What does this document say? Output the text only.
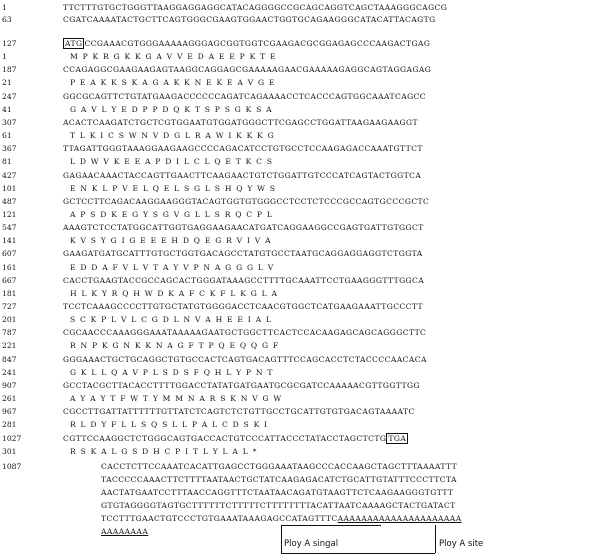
1	TTCTTTGTGCTGGGTTAAGGAGGAGGCATACAGGGGCCGCAGCAGGTCAGCTAAAGGGCAGCG
63	CGATCAAAATACTGCTTCAGTGGGCGAAGTGGAACTGGTGCAGAAGGGCATACATTACAGTG
127	ATG CCGAAACGTGGGAAAAAGGGAGCGGTGGTCGAAGACGCGGAGAGCCCAAGACTGAG
1	M  P  K  R  G  K  K  G  A  V  V  E  D  A  E  E  P  K  T  E
187	CCAGAGGCGAAGAAGAGTAAGGCAGGAGCGAAAAAGAACGAAAAAGAGGCAGTAGGAGAG
21	P  E  A  K  K  S  K  A  G  A  K  K  N  E  K  E  A  V  G  E
247	GGCGCAGTTCTGTATGAAGACCCCCCAGATCAGAAAACCTCACCCAGTGGCAAATCAGCC
41	G  A  V  L  Y  E  D  P  P  D  Q  K  T  S  P  S  G  K  S  A
307	ACACTCAAGATCTGCTCGTGGAATGTGGATGGGCTTCGAGCCTGGATTAAGAAGAAGGT
61	T  L  K  I  C  S  W  N  V  D  G  L  R  A  W  I  K  K  K  G
367	TTAGATTGGGTAAAGGAAGAAGCCCCAGACATCCTGTGCCTCCAAGAGACCAAATGTTCT
81	L  D  W  V  K  E  E  A  P  D  I  L  C  L  Q  E  T  K  C  S
427	GAGAACAAACTACCAGTTGAACTTCAAGAACTGTCTGGATTGTCCCATCAGTACTGGTCA
101	E  N  K  L  P  V  E  L  Q  E  L  S  G  L  S  H  Q  Y  W  S
487	GCTCCTTCAGACAAGGAAGGGTACAGTGGTGTGGGCCTCCTCTCCCGCCAGTGCCCGCTC
121	A  P  S  D  K  E  G  Y  S  G  V  G  L  L  S  R  Q  C  P  L
547	AAAGTCTCCTATGGCATTGGTGAGGAAGAACATGATCAGGAAGGCCGAGTGATTGTGGCT
141	K  V  S  Y  G  I  G  E  E  E  H  D  Q  E  G  R  V  I  V  A
607	GAAGATGATGCATTTGTGCTGGTGACAGCCTATGTGCCTAATGCAGGAGGAGGTCTGGTA
161	E  D  D  A  F  V  L  V  T  A  Y  V  P  N  A  G  G  G  L  V
667	CACCTGAAGTACCGCCAGCACTGGGATAAAGCCTTTTGCAAATTCCTGAAGGGTTTGGCA
181	H  L  K  Y  R  Q  H  W  D  K  A  F  C  K  F  L  K  G  L  A
727	TCCTCAAAGCCCCTTGTGCTATGTGGGGACCTCAACGTGGCTCATGAAGAAATTGCCCTT
201	S  C  K  P  L  V  L  C  G  D  L  N  V  A  H  E  E  I  A  L
787	CGCAACCCAAAGGGAAATAAAAAGAATGCTGGCTTCACTCCACAAGAGCAGCAGGGCTTC
221	R  N  P  K  G  N  K  K  N  A  G  F  T  P  Q  E  Q  Q  G  F
847	GGGAAACTGCTGCAGGCTGTGCCACTCAGTGACAGTTTCCAGCACCTCTACCCCAACACA
241	G  K  L  L  Q  A  V  P  L  S  D  S  F  Q  H  L  Y  P  N  T
907	GCCTACGCTTACACCTTTTGGACCTATATGATGAATGCGCGATCCAAAAACGTTGGTTGG
261	A  Y  A  Y  T  F  W  T  Y  M  M  N  A  R  S  K  N  V  G  W
967	CGCCTTGATTATTTTTTGTTATCTCAGTCTCTGTTGCCTGCATTGTGTGACAGTAAAATC
281	R  L  D  Y  F  L  L  S  Q  S  L  L  P  A  L  C  D  S  K  I
1027	CGTTCCAAGGCTCTGGGCAGTGACCACTGTCCCATTACCCTATACCTAGCTCTG TGA
301	R  S  K  A  L  G  S  D  H  C  P  I  T  L  Y  L  A  L  *
1087	CACCTCTTCCAAATCACATTGAGCCTGGGAAATAAGCCCACCAAGCTAGCTTTAAAATTT
TACCCCCAAACTTCTTTTAATAACTGCTATCAAGAGACATCTGCATTGTATTTCCCTTCTA
AACTATGAATCCTTTAACCAGGTTTCTAATAACAGATGTAAGTTCTCAAGAAGGGTGTTT
GTGTAGGGGTAGTGCTTTTTTCTTTTTCTTTTTTTTACATTAATCAAAAGCTACTGATACT
TCCTTTGAACTGTCCCTGTGAAATAAAGAGCCATAGTTTCAAAAAAAAAAAAAAAAAAAAA
AAAAAAAA
Ploy A singal	Ploy A site
